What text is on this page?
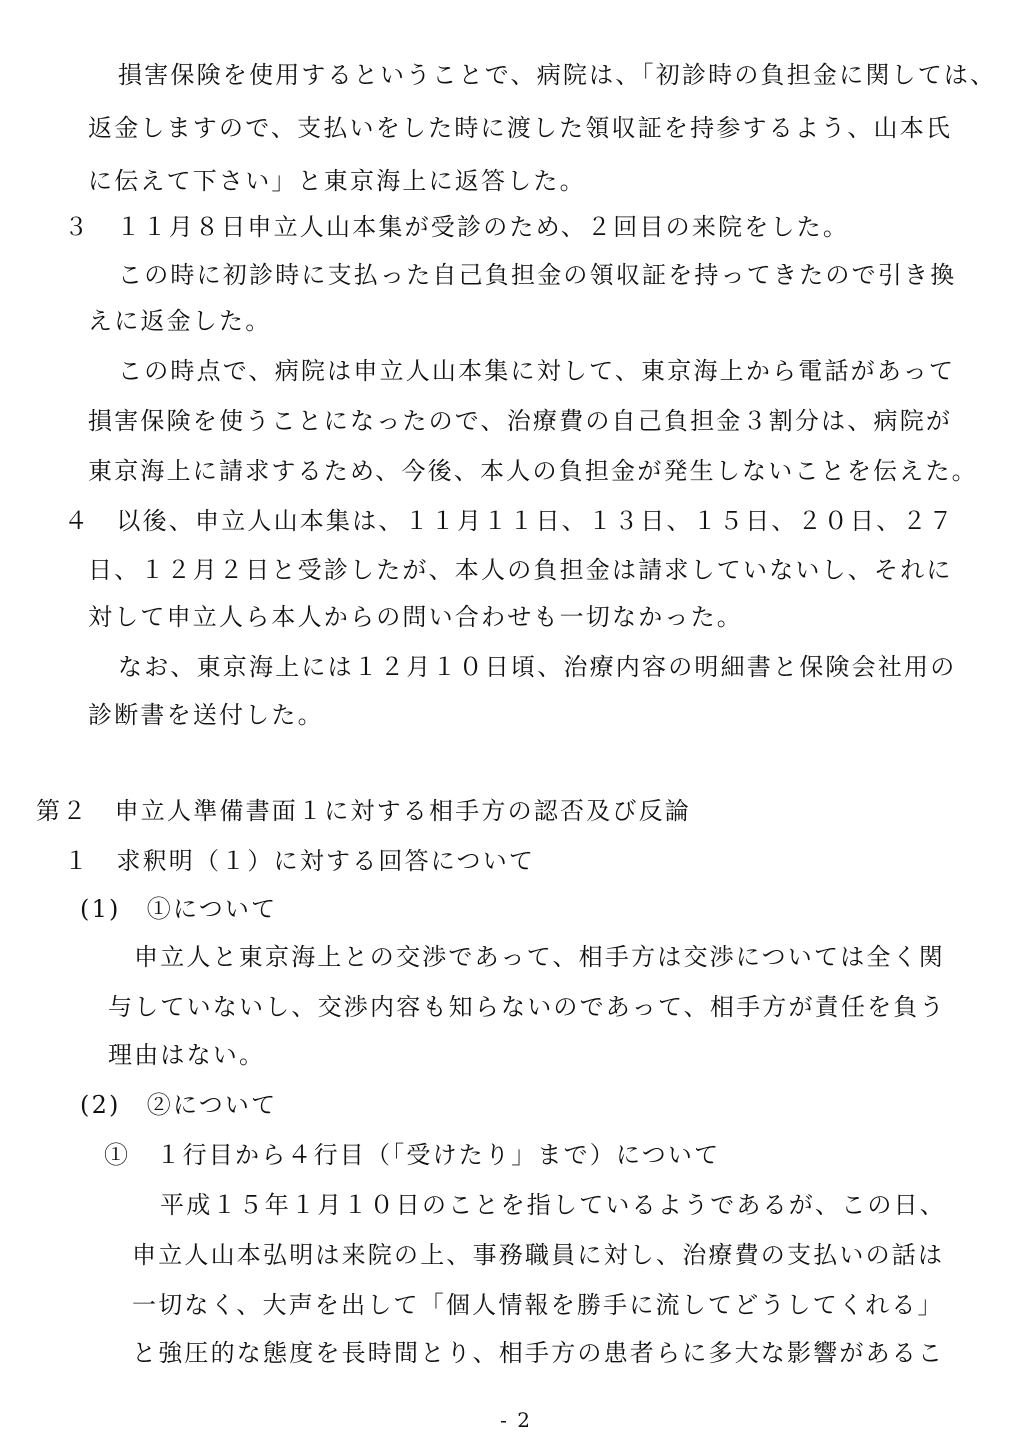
損害保険を使用するということで、病院は、「初診時の負担金に関しては、
返金しますので、支払いをした時に渡した領収証を持参するよう、山本氏
に伝えて下さい」と東京海上に返答した。
３　１１月８日申立人山本集が受診のため、２回目の来院をした。
この時に初診時に支払った自己負担金の領収証を持ってきたので引き換
えに返金した。
この時点で、病院は申立人山本集に対して、東京海上から電話があって
損害保険を使うことになったので、治療費の自己負担金３割分は、病院が
東京海上に請求するため、今後、本人の負担金が発生しないことを伝えた。
４　以後、申立人山本集は、１１月１１日、１３日、１５日、２０日、２７
日、１２月２日と受診したが、本人の負担金は請求していないし、それに
対して申立人ら本人からの問い合わせも一切なかった。
なお、東京海上には１２月１０日頃、治療内容の明細書と保険会社用の
診断書を送付した。
第２　申立人準備書面１に対する相手方の認否及び反論
１　求釈明（１）に対する回答について
(1)　①について
申立人と東京海上との交渉であって、相手方は交渉については全く関
与していないし、交渉内容も知らないのであって、相手方が責任を負う
理由はない。
(2)　②について
①　１行目から４行目（「受けたり」まで）について
平成１５年１月１０日のことを指しているようであるが、この日、
申立人山本弘明は来院の上、事務職員に対し、治療費の支払いの話は
一切なく、大声を出して「個人情報を勝手に流してどうしてくれる」
と強圧的な態度を長時間とり、相手方の患者らに多大な影響があるこ
- 2
